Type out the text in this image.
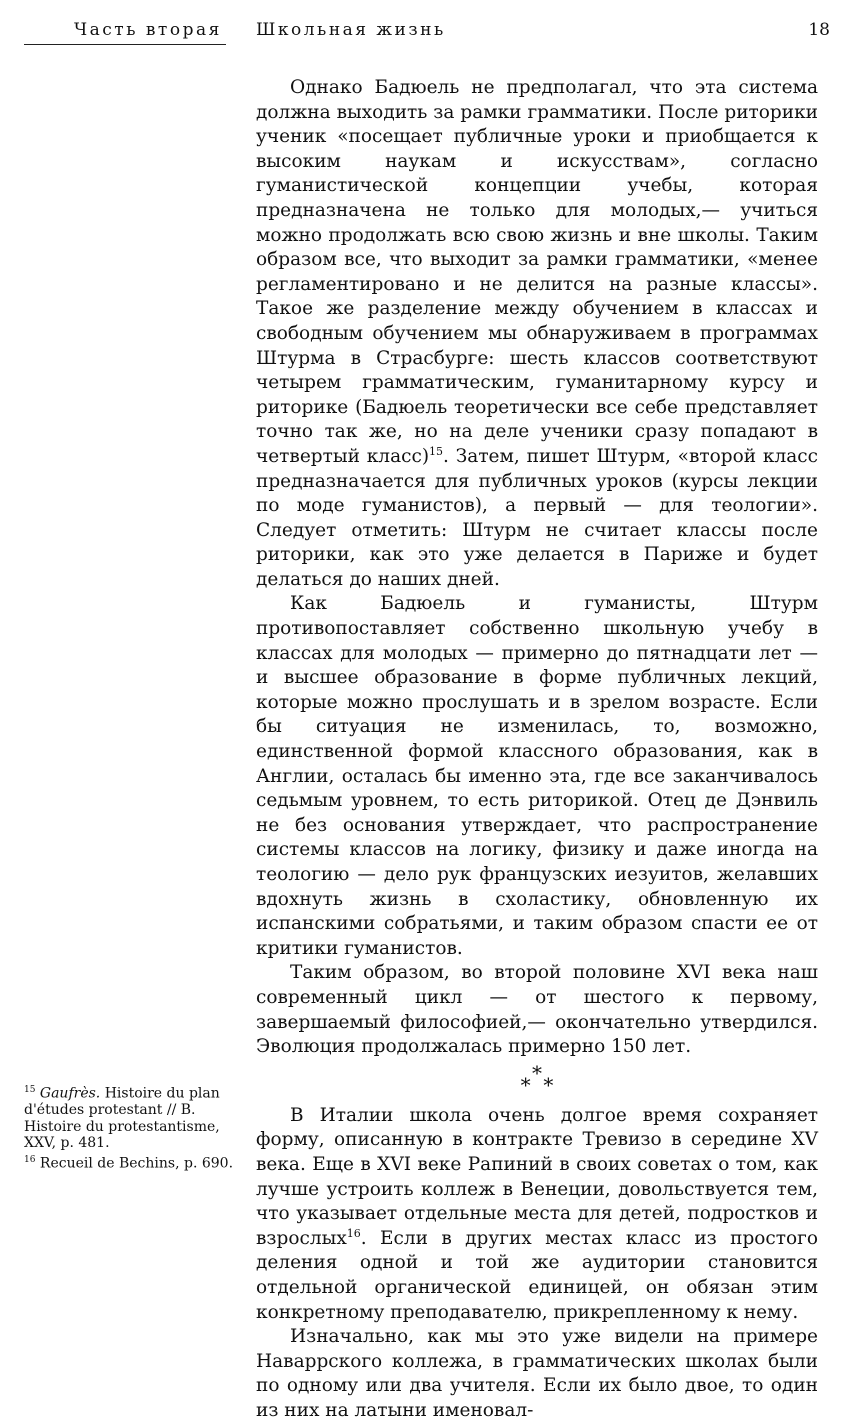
Часть вторая Школьная жизнь	18

Однако Бадюель не предполагал, что эта система должна выходить за рамки грамматики. После риторики ученик «посещает публичные уроки и приобщается к высоким наукам и искусствам», согласно гуманистической концепции учебы, которая предназначена не только для молодых,— учиться можно продолжать всю свою жизнь и вне школы. Таким образом все, что выходит за рамки грамматики, «менее регламентировано и не делится на разные классы». Такое же разделение между обучением в классах и свободным обучением мы обнаруживаем в программах Штурма в Страсбурге: шесть классов соответствуют четырем грамматическим, гуманитарному курсу и риторике (Бадюель теоретически все себе представляет точно так же, но на деле ученики сразу попадают в четвертый класс)$^{15}$. Затем, пишет Штурм, «второй класс предназначается для публичных уроков (курсы лекции по моде гуманистов), а первый — для теологии». Следует отметить: Штурм не считает классы после риторики, как это уже делается в Париже и будет делаться до наших дней.

Как Бадюель и гуманисты, Штурм противопоставляет собственно школьную учебу в классах для молодых — примерно до пятнадцати лет — и высшее образование в форме публичных лекций, которые можно прослушать и в зрелом возрасте. Если бы ситуация не изменилась, то, возможно, единственной формой классного образования, как в Англии, осталась бы именно эта, где все заканчивалось седьмым уровнем, то есть риторикой. Отец де Дэнвиль не без основания утверждает, что распространение системы классов на логику, физику и даже иногда на теологию — дело рук французских иезуитов, желавших вдохнуть жизнь в схоластику, обновленную их испанскими собратьями, и таким образом спасти ее от критики гуманистов.

Таким образом, во второй половине XVI века наш современный цикл — от шестого к первому, завершаемый философией,— окончательно утвердился. Эволюция продолжалась примерно 150 лет.

*
* *

В Италии школа очень долгое время сохраняет форму, описанную в контракте Тревизо в середине XV века. Еще в XVI веке Рапиний в своих советах о том, как лучше устроить коллеж в Венеции, довольствуется тем, что указывает отдельные места для детей, подростков и взрослых$^{16}$. Если в других местах класс из простого деления одной и той же аудитории становится отдельной органической единицей, он обязан этим конкретному преподавателю, прикрепленному к нему.

Изначально, как мы это уже видели на примере Наваррского коллежа, в грамматических школах были по одному или два учителя. Если их было двое, то один из них на латыни именовал-

$^{15}$ Gaufrès. Histoire du plan d'études protestant // B. Histoire du protestantisme, XXV, p. 481.

$^{16}$ Recueil de Bechins, p. 690.
